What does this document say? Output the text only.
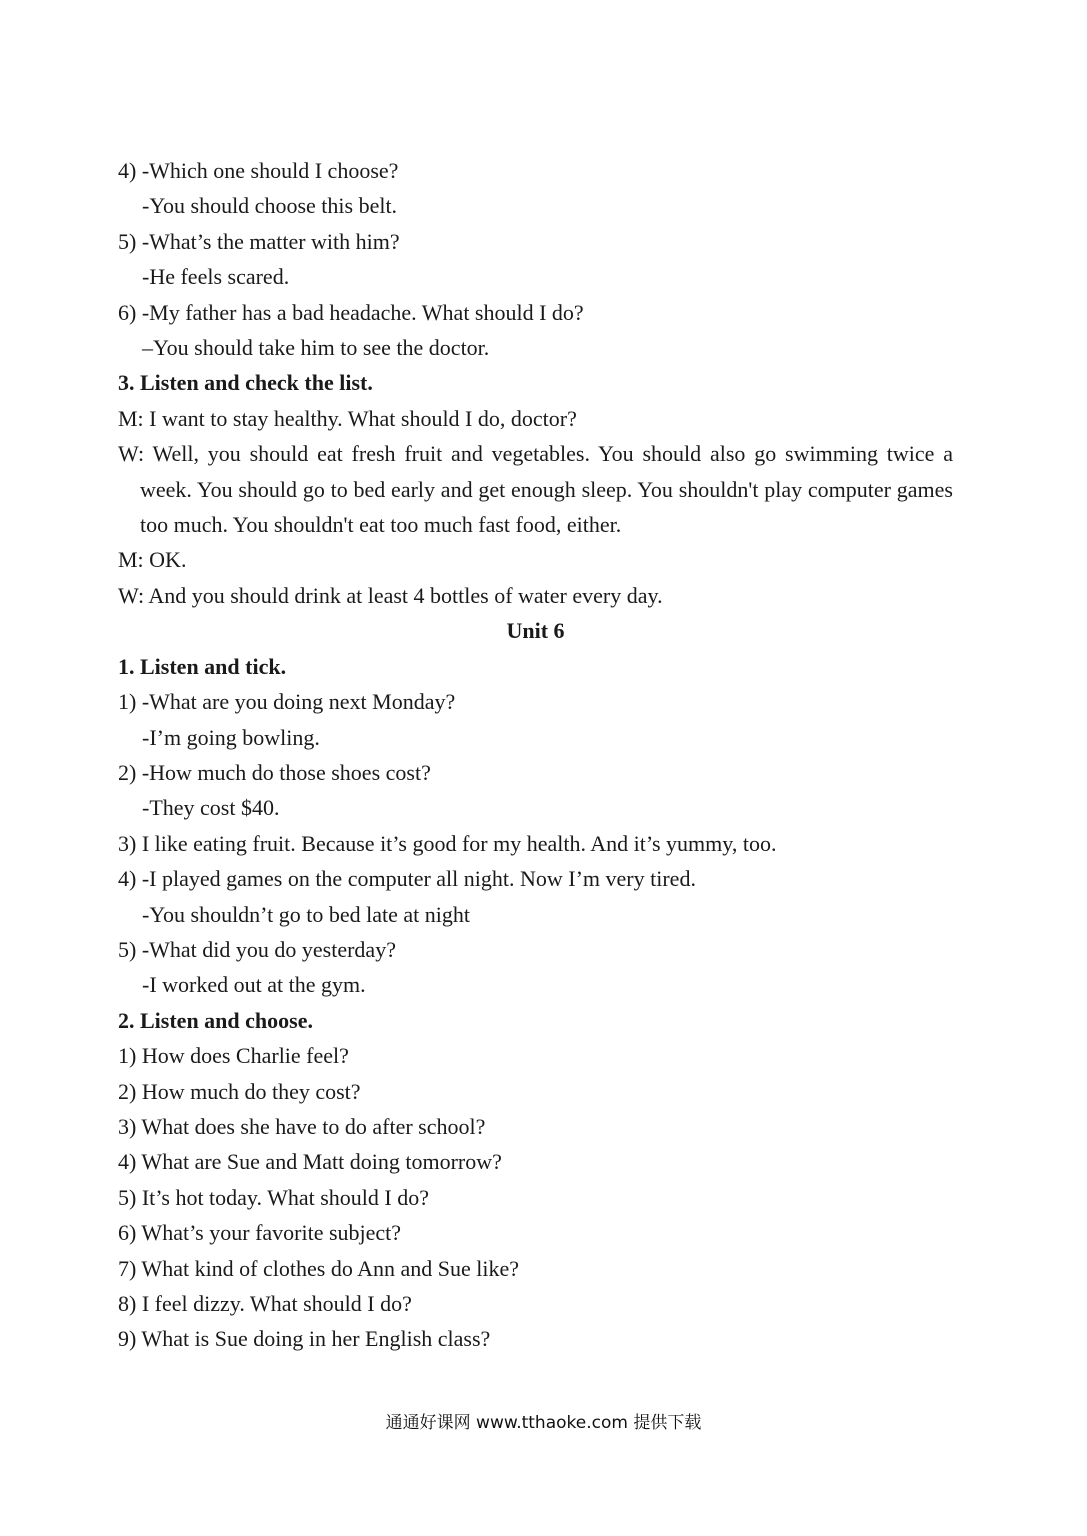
4) -Which one should I choose?
-You should choose this belt.
5) -What’s the matter with him?
-He feels scared.
6) -My father has a bad headache. What should I do?
–You should take him to see the doctor.
3. Listen and check the list.
M: I want to stay healthy. What should I do, doctor?
W: Well, you should eat fresh fruit and vegetables. You should also go swimming twice a week. You should go to bed early and get enough sleep. You shouldn't play computer games too much. You shouldn't eat too much fast food, either.
M: OK.
W: And you should drink at least 4 bottles of water every day.
Unit 6
1. Listen and tick.
1) -What are you doing next Monday?
-I’m going bowling.
2) -How much do those shoes cost?
-They cost $40.
3) I like eating fruit. Because it’s good for my health. And it’s yummy, too.
4) -I played games on the computer all night. Now I’m very tired.
-You shouldn’t go to bed late at night
5) -What did you do yesterday?
-I worked out at the gym.
2. Listen and choose.
1) How does Charlie feel?
2) How much do they cost?
3) What does she have to do after school?
4) What are Sue and Matt doing tomorrow?
5) It’s hot today. What should I do?
6) What’s your favorite subject?
7) What kind of clothes do Ann and Sue like?
8) I feel dizzy. What should I do?
9) What is Sue doing in her English class?
通通好课网 www.tthaoke.com 提供下载
